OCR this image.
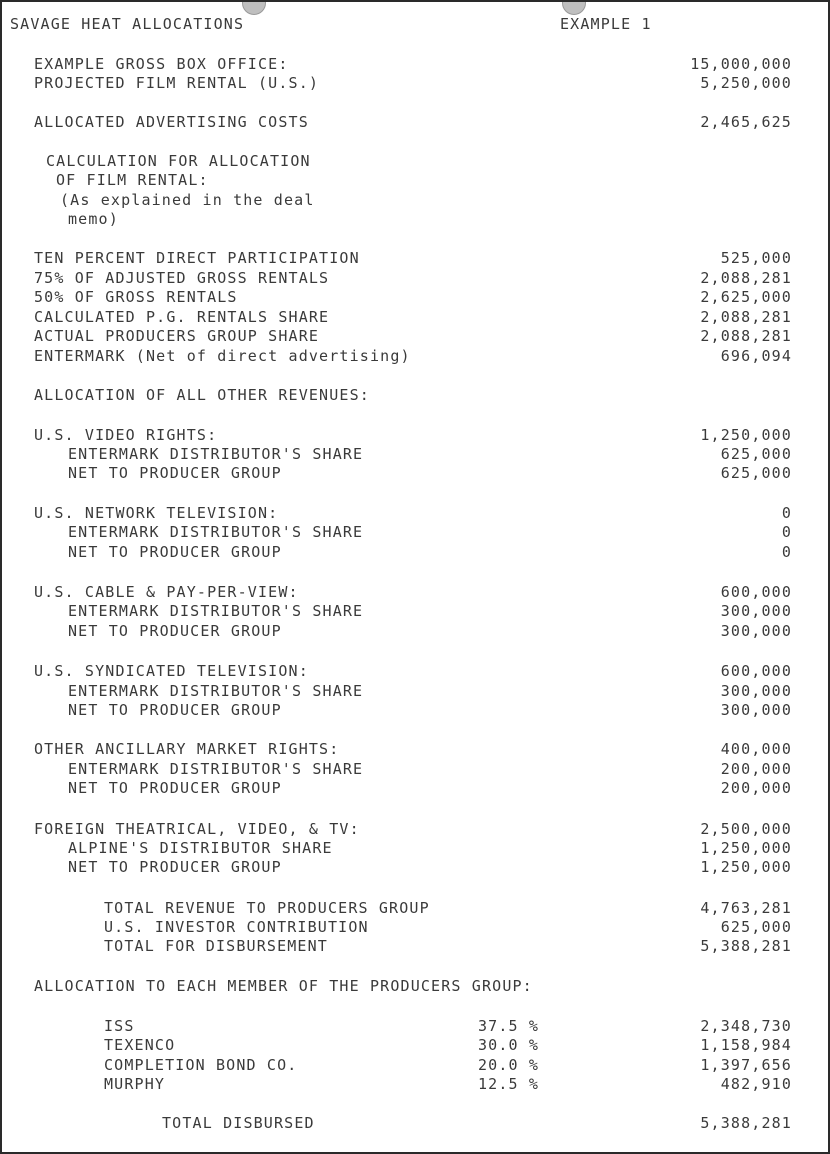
SAVAGE HEAT ALLOCATIONS	EXAMPLE 1
EXAMPLE GROSS BOX OFFICE:	15,000,000
PROJECTED FILM RENTAL (U.S.)	5,250,000
ALLOCATED ADVERTISING COSTS	2,465,625
CALCULATION FOR ALLOCATION
OF FILM RENTAL:
(As explained in the deal
memo)
TEN PERCENT DIRECT PARTICIPATION	525,000
75% OF ADJUSTED GROSS RENTALS	2,088,281
50% OF GROSS RENTALS	2,625,000
CALCULATED P.G. RENTALS SHARE	2,088,281
ACTUAL PRODUCERS GROUP SHARE	2,088,281
ENTERMARK (Net of direct advertising)	696,094
ALLOCATION OF ALL OTHER REVENUES:
U.S. VIDEO RIGHTS:	1,250,000
ENTERMARK DISTRIBUTOR'S SHARE	625,000
NET TO PRODUCER GROUP	625,000
U.S. NETWORK TELEVISION:	0
ENTERMARK DISTRIBUTOR'S SHARE	0
NET TO PRODUCER GROUP	0
U.S. CABLE & PAY-PER-VIEW:	600,000
ENTERMARK DISTRIBUTOR'S SHARE	300,000
NET TO PRODUCER GROUP	300,000
U.S. SYNDICATED TELEVISION:	600,000
ENTERMARK DISTRIBUTOR'S SHARE	300,000
NET TO PRODUCER GROUP	300,000
OTHER ANCILLARY MARKET RIGHTS:	400,000
ENTERMARK DISTRIBUTOR'S SHARE	200,000
NET TO PRODUCER GROUP	200,000
FOREIGN THEATRICAL, VIDEO, & TV:	2,500,000
ALPINE'S DISTRIBUTOR SHARE	1,250,000
NET TO PRODUCER GROUP	1,250,000
TOTAL REVENUE TO PRODUCERS GROUP	4,763,281
U.S. INVESTOR CONTRIBUTION	625,000
TOTAL FOR DISBURSEMENT	5,388,281
ALLOCATION TO EACH MEMBER OF THE PRODUCERS GROUP:
ISS	37.5 %	2,348,730
TEXENCO	30.0 %	1,158,984
COMPLETION BOND CO.	20.0 %	1,397,656
MURPHY	12.5 %	482,910
TOTAL DISBURSED	5,388,281
